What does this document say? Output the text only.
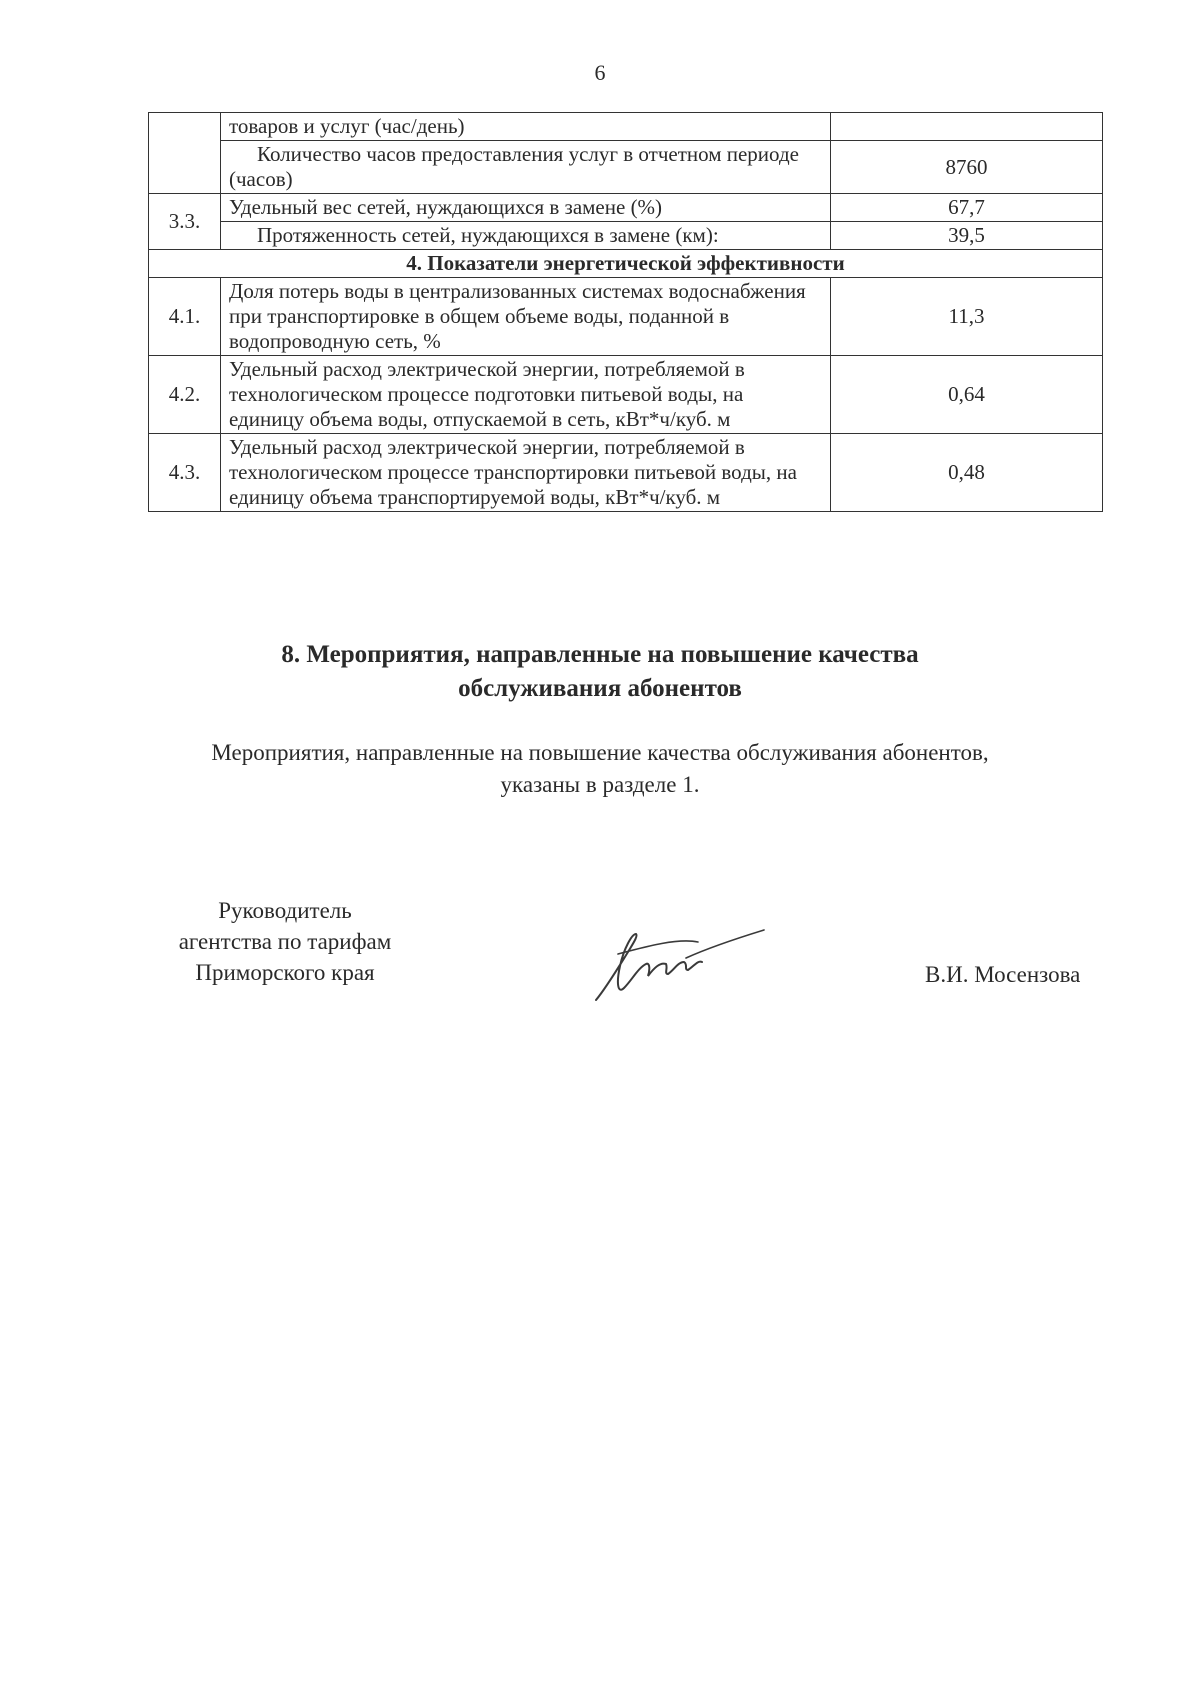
6
	товаров и услуг (час/день)	
	Количество часов предоставления услуг в отчетном периоде (часов)	8760
3.3.	Удельный вес сетей, нуждающихся в замене (%)	67,7
	Протяженность сетей, нуждающихся в замене (км):	39,5
4. Показатели энергетической эффективности		
4.1.	Доля потерь воды в централизованных системах водоснабжения при транспортировке в общем объеме воды, поданной в водопроводную сеть, %	11,3
4.2.	Удельный расход электрической энергии, потребляемой в технологическом процессе подготовки питьевой воды, на единицу объема воды, отпускаемой в сеть, кВт*ч/куб. м	0,64
4.3.	Удельный расход электрической энергии, потребляемой в технологическом процессе транспортировки питьевой воды, на единицу объема транспортируемой воды, кВт*ч/куб. м	0,48
8. Мероприятия, направленные на повышение качества
обслуживания абонентов
Мероприятия, направленные на повышение качества обслуживания абонентов,
указаны в разделе 1.
Руководитель
агентства по тарифам
Приморского края	В.И. Мосензова
